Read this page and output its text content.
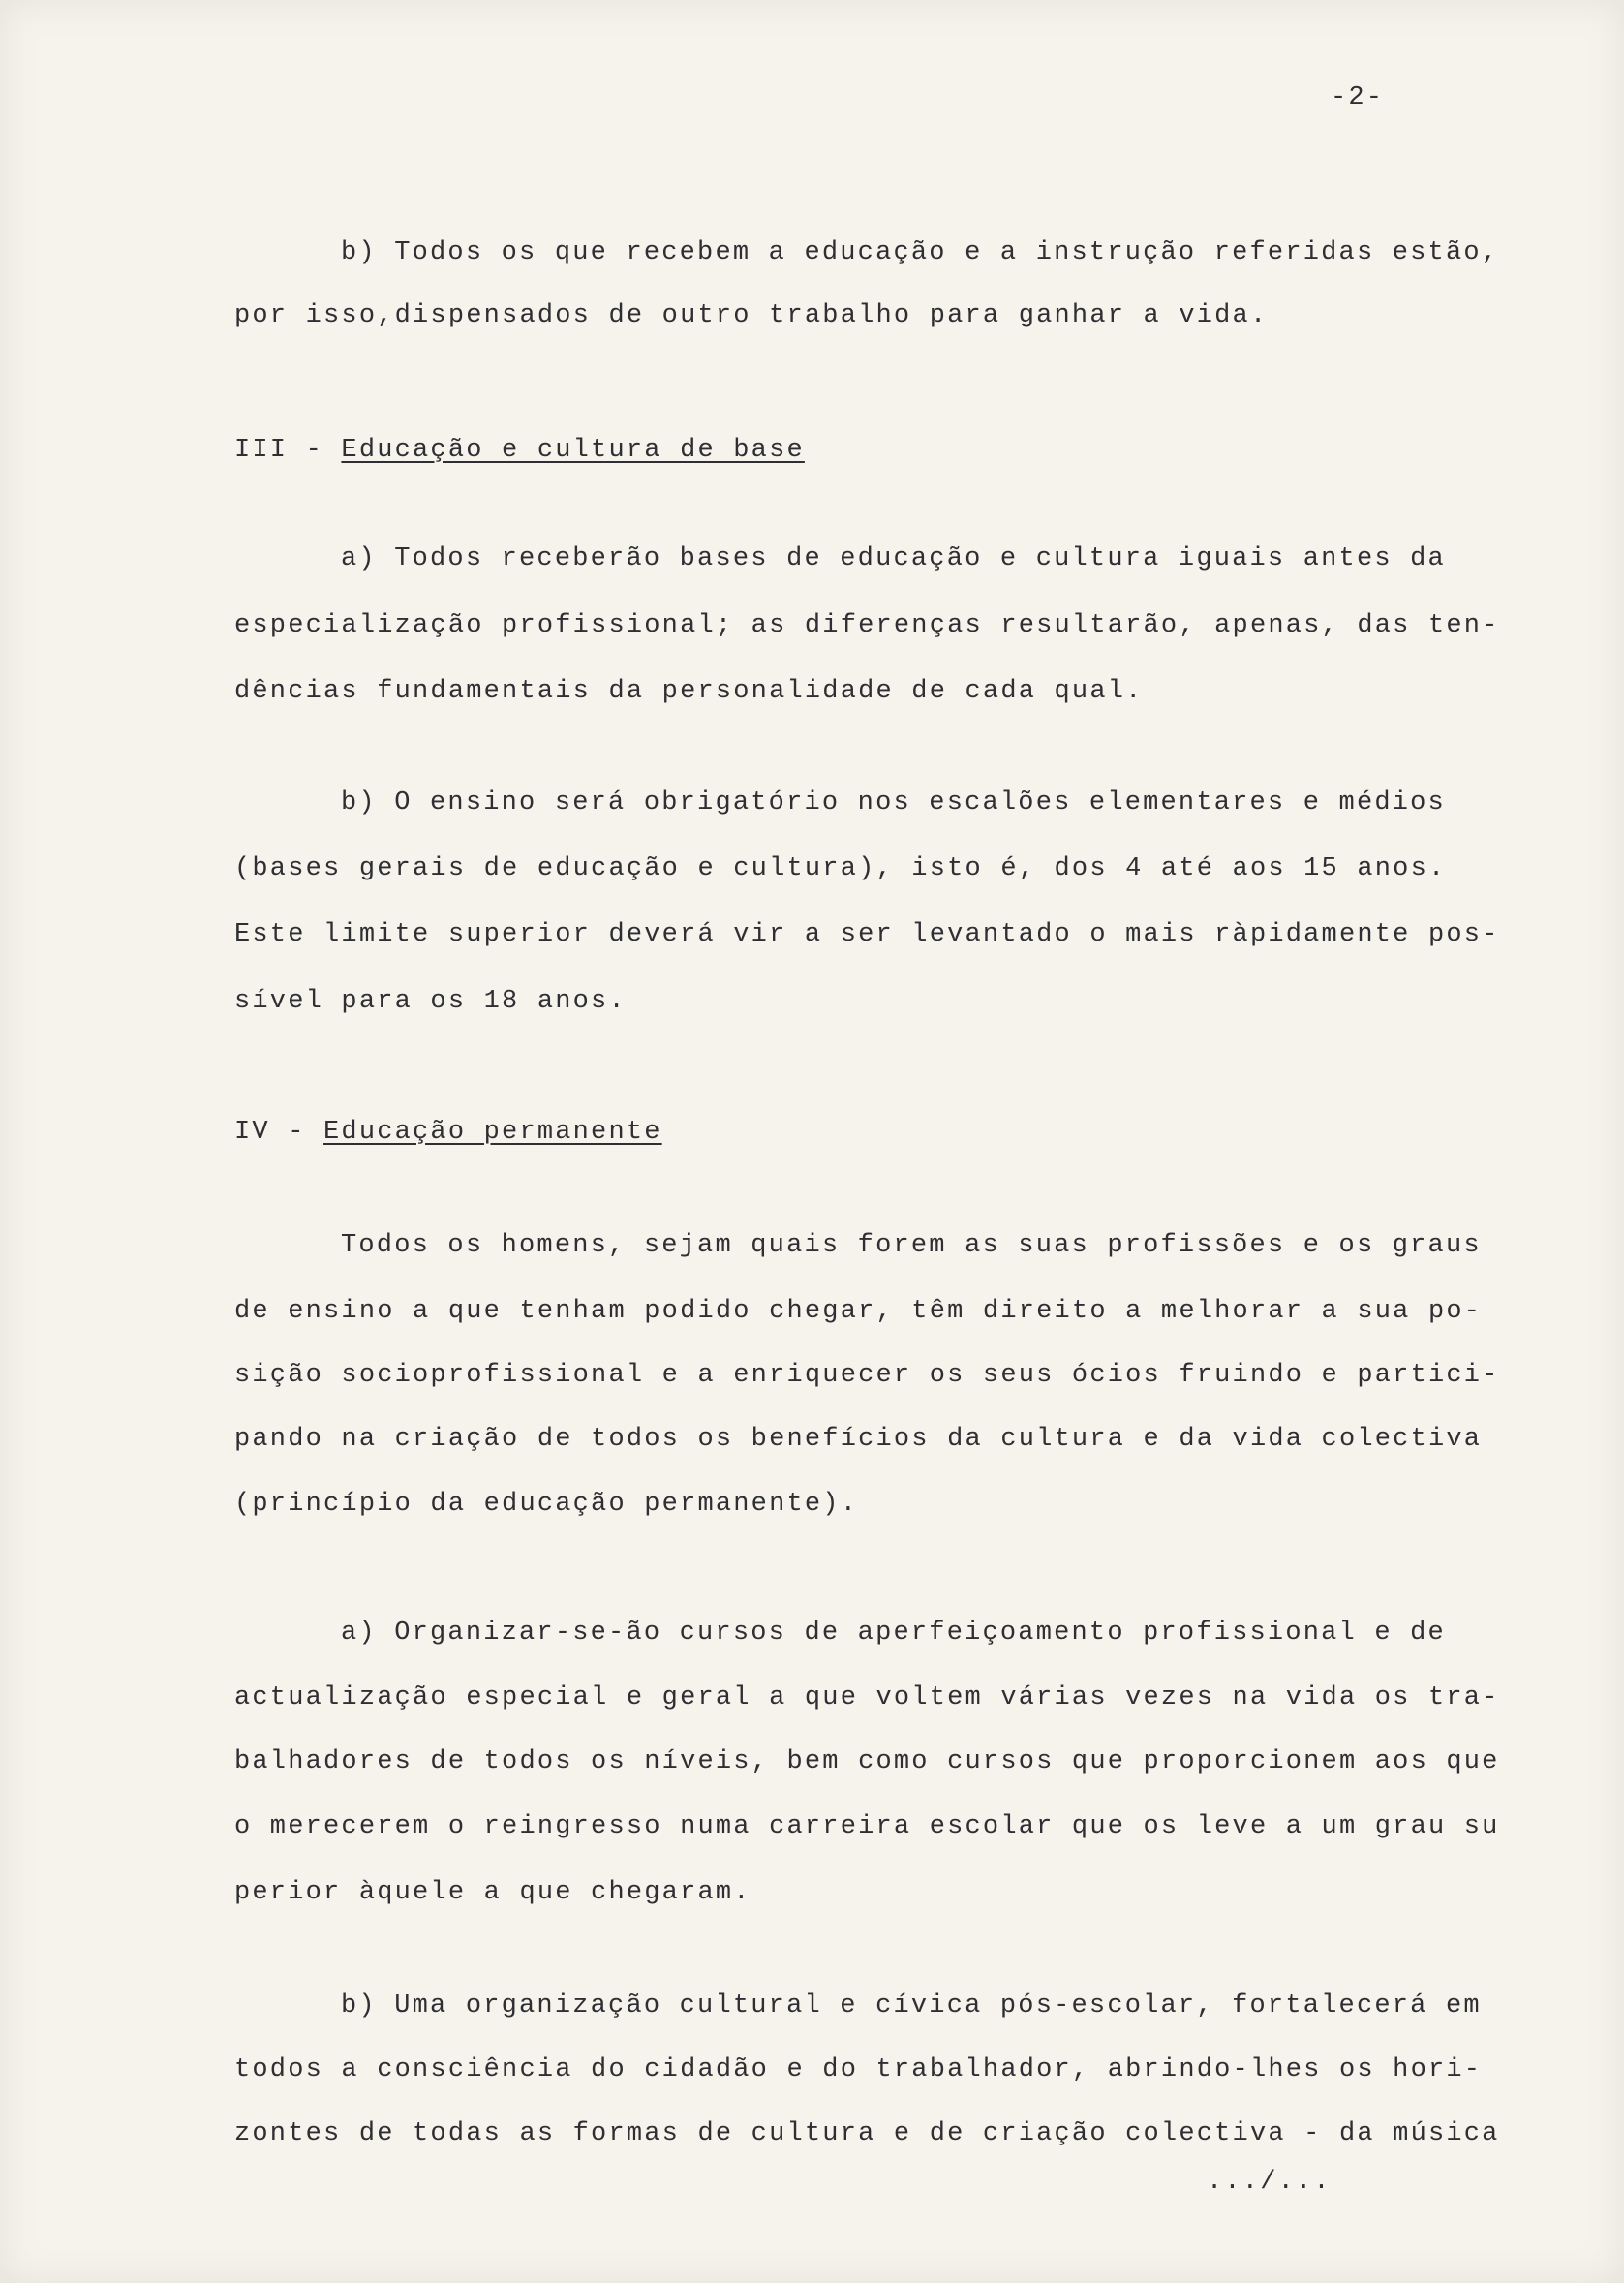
-2-
b) Todos os que recebem a educação e a instrução referidas estão,
por isso,dispensados de outro trabalho para ganhar a vida.
III - Educação e cultura de base
a) Todos receberão bases de educação e cultura iguais antes da
especialização profissional; as diferenças resultarão, apenas, das ten-
dências fundamentais da personalidade de cada qual.
b) O ensino será obrigatório nos escalões elementares e médios
(bases gerais de educação e cultura), isto é, dos 4 até aos 15 anos.
Este limite superior deverá vir a ser levantado o mais ràpidamente pos-
sível para os 18 anos.
IV - Educação permanente
Todos os homens, sejam quais forem as suas profissões e os graus
de ensino a que tenham podido chegar, têm direito a melhorar a sua po-
sição socioprofissional e a enriquecer os seus ócios fruindo e partici-
pando na criação de todos os benefícios da cultura e da vida colectiva
(princípio da educação permanente).
a) Organizar-se-ão cursos de aperfeiçoamento profissional e de
actualização especial e geral a que voltem várias vezes na vida os tra-
balhadores de todos os níveis, bem como cursos que proporcionem aos que
o merecerem o reingresso numa carreira escolar que os leve a um grau su
perior àquele a que chegaram.
b) Uma organização cultural e cívica pós-escolar, fortalecerá em
todos a consciência do cidadão e do trabalhador, abrindo-lhes os hori-
zontes de todas as formas de cultura e de criação colectiva - da música
.../...
